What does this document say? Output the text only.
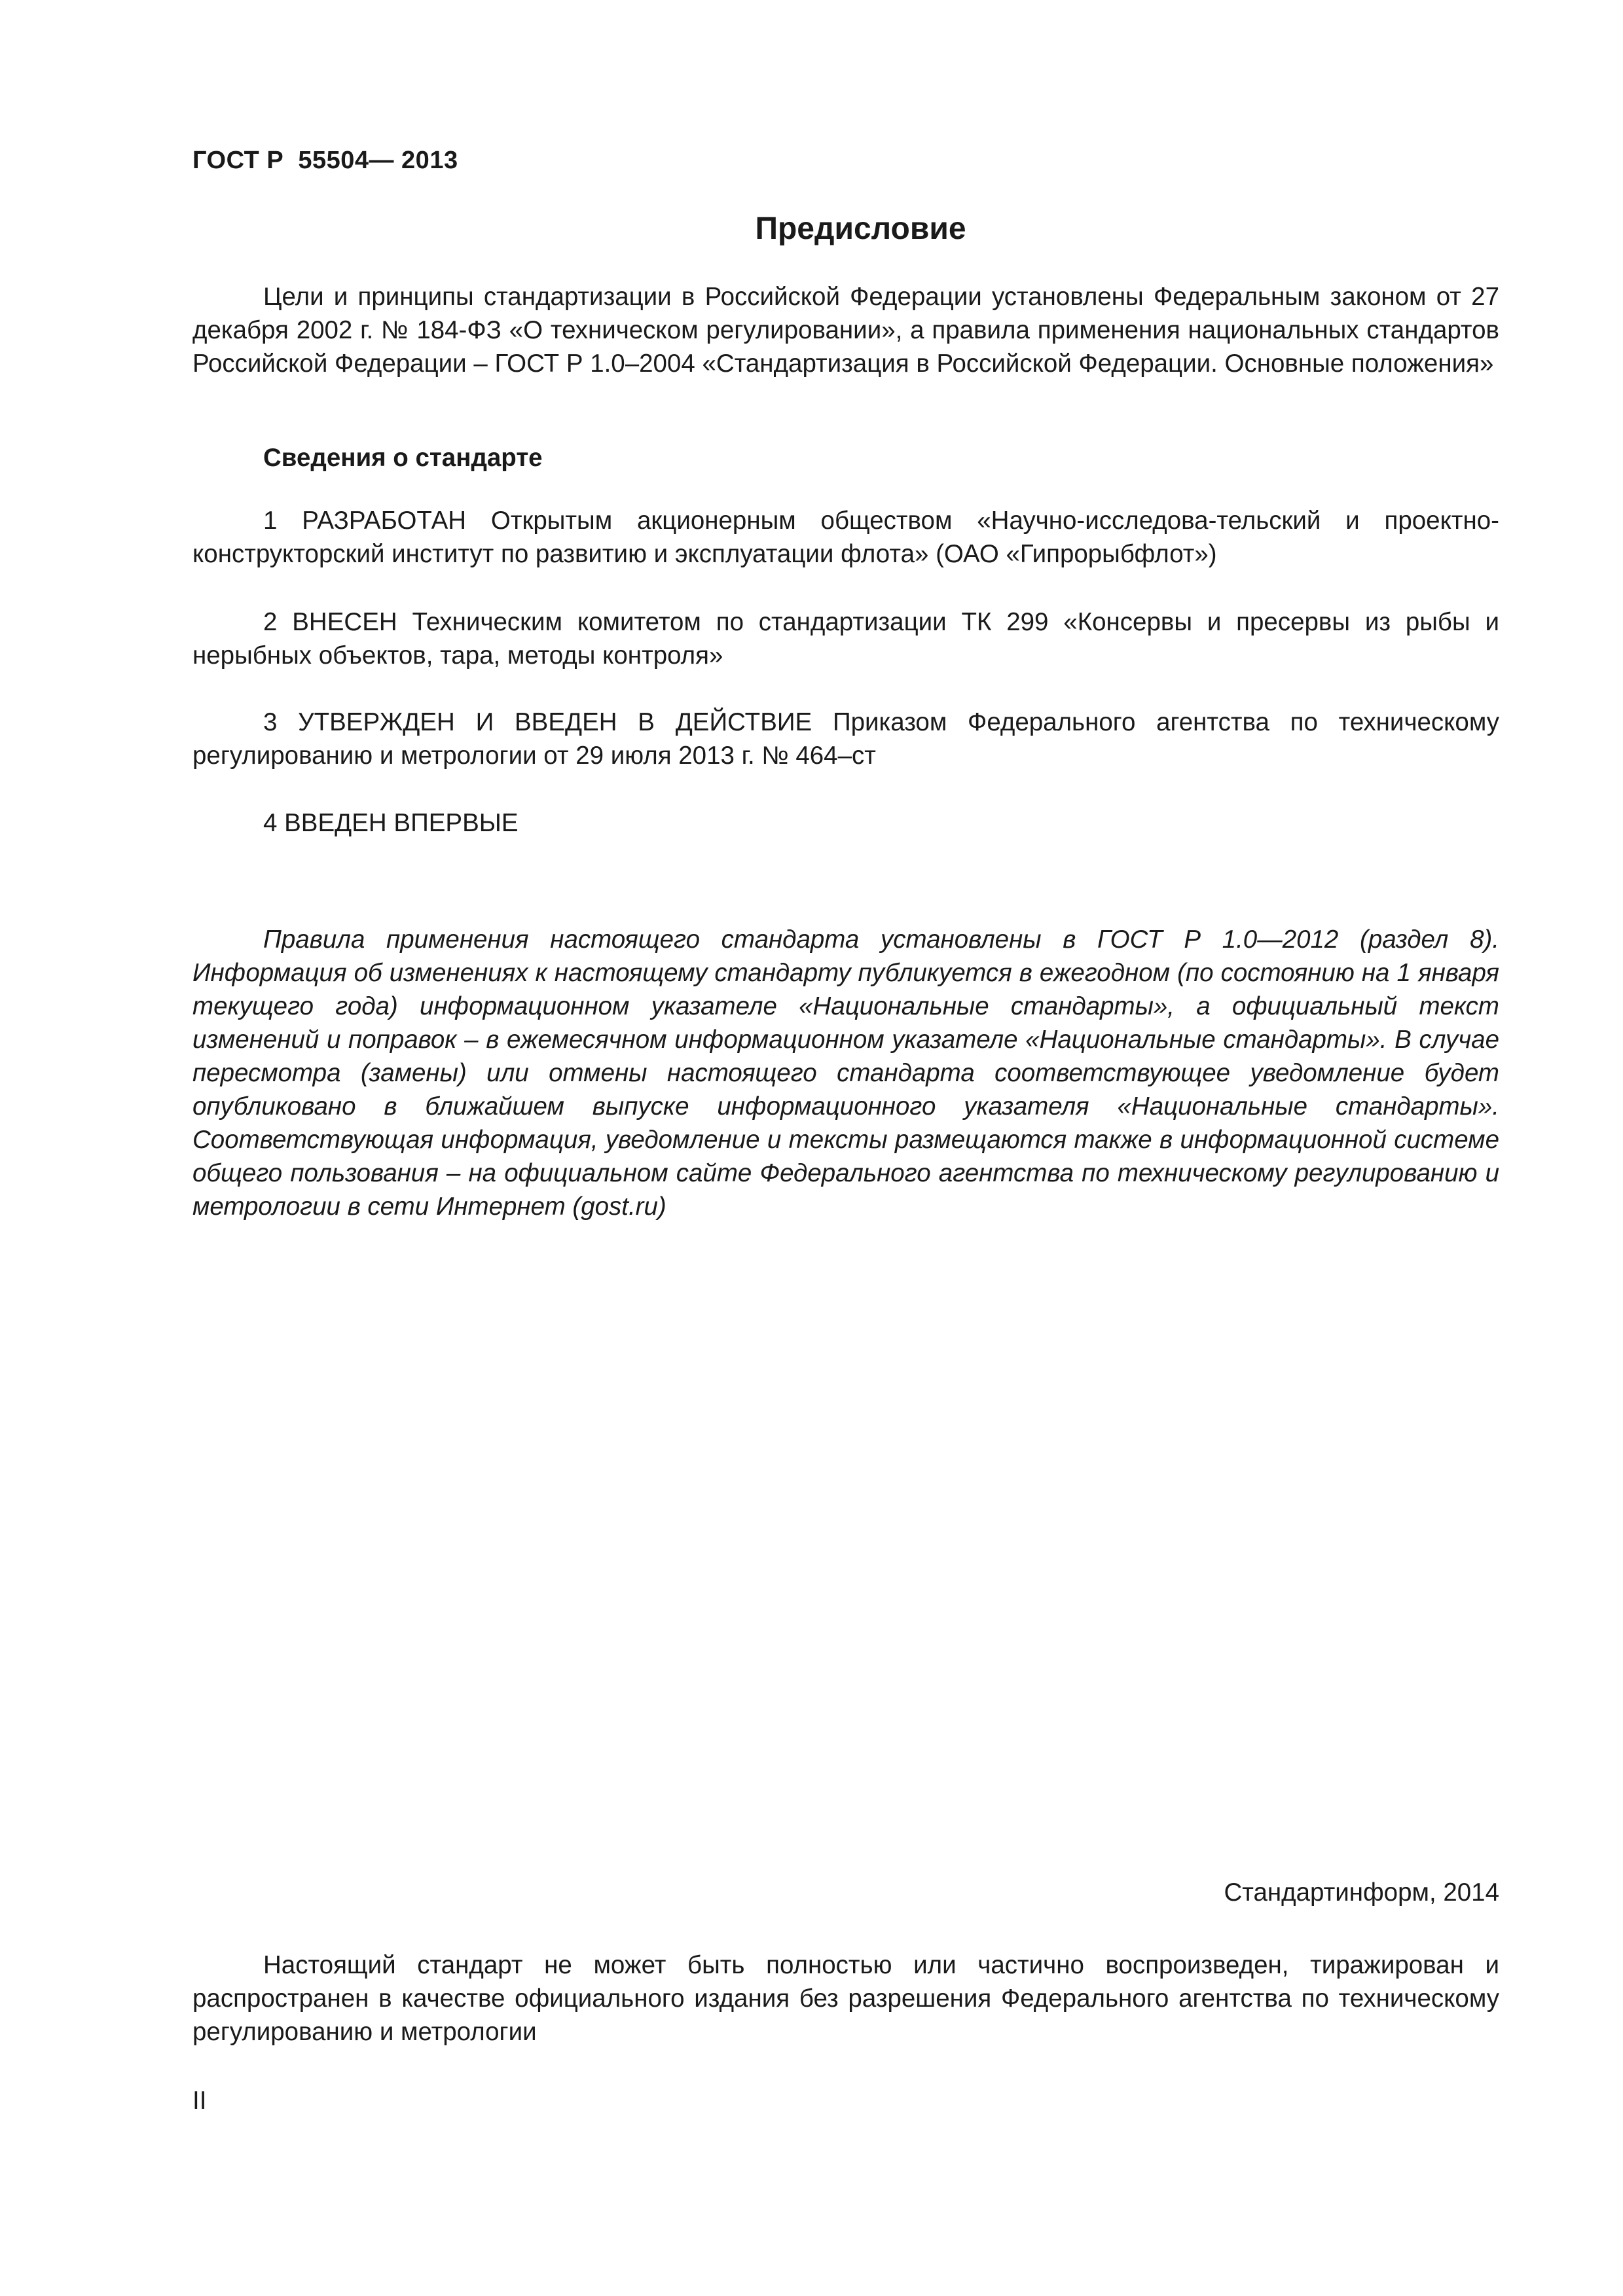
ГОСТ Р  55504— 2013
Предисловие

Цели и принципы стандартизации в Российской Федерации установлены Федеральным законом от 27 декабря 2002 г. № 184-ФЗ «О техническом регулировании», а правила применения национальных стандартов Российской Федерации – ГОСТ Р 1.0–2004 «Стандартизация в Российской Федерации. Основные положения»

Сведения о стандарте

1 РАЗРАБОТАН Открытым акционерным обществом «Научно-исследова-тельский и проектно-конструкторский институт по развитию и эксплуатации флота» (ОАО «Гипрорыбфлот»)

2 ВНЕСЕН Техническим комитетом по стандартизации ТК 299 «Консервы и пресервы из рыбы и нерыбных объектов, тара, методы контроля»

3 УТВЕРЖДЕН И ВВЕДЕН В ДЕЙСТВИЕ Приказом Федерального агентства по техническому регулированию и метрологии от 29 июля 2013 г. № 464–ст

4 ВВЕДЕН ВПЕРВЫЕ

Правила применения настоящего стандарта установлены в ГОСТ Р 1.0—2012 (раздел 8). Информация об изменениях к настоящему стандарту публикуется в ежегодном (по состоянию на 1 января текущего года) информационном указателе «Национальные стандарты», а официальный текст изменений и поправок – в ежемесячном информационном указателе «Национальные стандарты». В случае пересмотра (замены) или отмены настоящего стандарта соответствующее уведомление будет опубликовано в ближайшем выпуске информационного указателя «Национальные стандарты». Соответствующая информация, уведомление и тексты размещаются также в информационной системе общего пользования – на официальном сайте Федерального агентства по техническому регулированию и метрологии в сети Интернет (gost.ru)

Стандартинформ, 2014

Настоящий стандарт не может быть полностью или частично воспроизведен, тиражирован и распространен в качестве официального издания без разрешения Федерального агентства по техническому регулированию и метрологии

II
